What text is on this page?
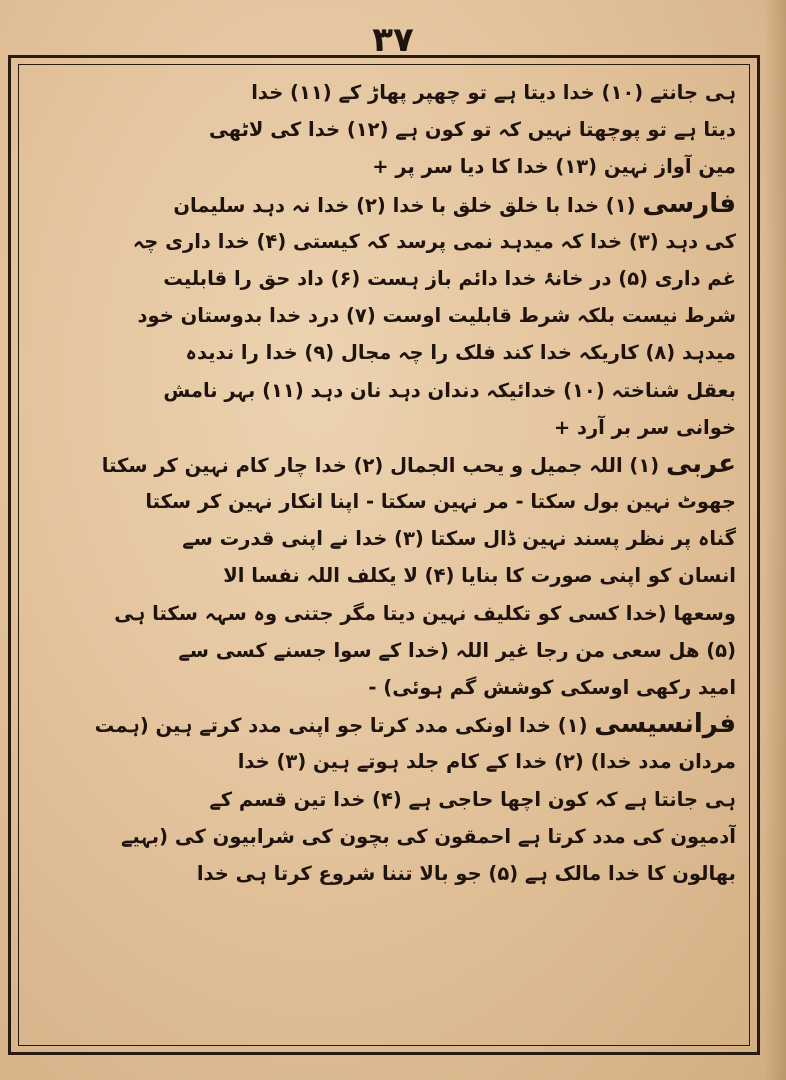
۳۷
ہی جانتے (۱۰) خدا دیتا ہے تو چھپر پھاڑ کے (۱۱) خدا
دیتا ہے تو پوچھتا نہیں کہ تو کون ہے (۱۲) خدا کی لاٹھی
مین آواز نہین (۱۳) خدا کا دیا سر پر +
فارسی (۱) خدا با خلق خلق با خدا (۲) خدا نہ دہد سلیمان
کی دہد (۳) خدا کہ میدہد نمی پرسد کہ کیستی (۴) خدا داری چہ
غم داری (۵) در خانۂ خدا دائم باز ہست (۶) داد حق را قابلیت
شرط نیست بلکہ شرط قابلیت اوست (۷) درد خدا بدوستان خود
میدہد (۸) کاریکہ خدا کند فلک را چہ مجال (۹) خدا را ندیدہ
بعقل شناختہ (۱۰) خدائیکہ دندان دہد نان دہد (۱۱) بہر نامش
خوانی سر بر آرد +
عربی (۱) اللہ جمیل و یحب الجمال (۲) خدا چار کام نہین کر سکتا
جھوٹ نہین بول سکتا - مر نہین سکتا - اپنا انکار نہین کر سکتا
گناہ پر نظر پسند نہین ڈال سکتا (۳) خدا نے اپنی قدرت سے
انسان کو اپنی صورت کا بنایا (۴) لا یکلف اللہ نفسا الا
وسعھا (خدا کسی کو تکلیف نہین دیتا مگر جتنی وہ سہہ سکتا ہی
(۵) ھل سعی من رجا غیر اللہ (خدا کے سوا جسنے کسی سے
امید رکھی اوسکی کوشش گم ہوئی) -
فرانسیسی (۱) خدا اونکی مدد کرتا جو اپنی مدد کرتے ہین (ہمت
مردان مدد خدا) (۲) خدا کے کام جلد ہوتے ہین (۳) خدا
ہی جانتا ہے کہ کون اچھا حاجی ہے (۴) خدا تین قسم کے
آدمیون کی مدد کرتا ہے احمقون کی بچون کی شرابیون کی (بہیے
بھالون کا خدا مالک ہے (۵) جو بالا تننا شروع کرتا ہی خدا
